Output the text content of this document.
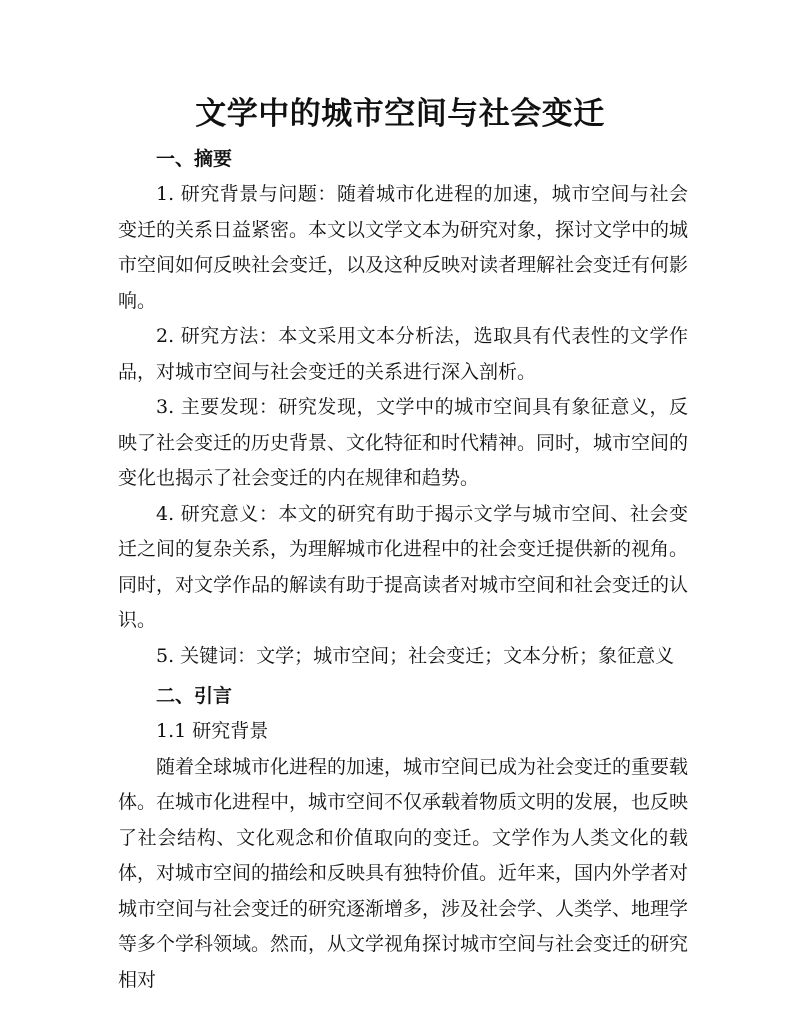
文学中的城市空间与社会变迁
一、摘要

1. 研究背景与问题：随着城市化进程的加速，城市空间与社会变迁的关系日益紧密。本文以文学文本为研究对象，探讨文学中的城市空间如何反映社会变迁，以及这种反映对读者理解社会变迁有何影响。

2. 研究方法：本文采用文本分析法，选取具有代表性的文学作品，对城市空间与社会变迁的关系进行深入剖析。

3. 主要发现：研究发现，文学中的城市空间具有象征意义，反映了社会变迁的历史背景、文化特征和时代精神。同时，城市空间的变化也揭示了社会变迁的内在规律和趋势。

4. 研究意义：本文的研究有助于揭示文学与城市空间、社会变迁之间的复杂关系，为理解城市化进程中的社会变迁提供新的视角。同时，对文学作品的解读有助于提高读者对城市空间和社会变迁的认识。

5. 关键词：文学；城市空间；社会变迁；文本分析；象征意义

二、引言

1.1 研究背景

随着全球城市化进程的加速，城市空间已成为社会变迁的重要载体。在城市化进程中，城市空间不仅承载着物质文明的发展，也反映了社会结构、文化观念和价值取向的变迁。文学作为人类文化的载体，对城市空间的描绘和反映具有独特价值。近年来，国内外学者对城市空间与社会变迁的研究逐渐增多，涉及社会学、人类学、地理学等多个学科领域。然而，从文学视角探讨城市空间与社会变迁的研究相对
